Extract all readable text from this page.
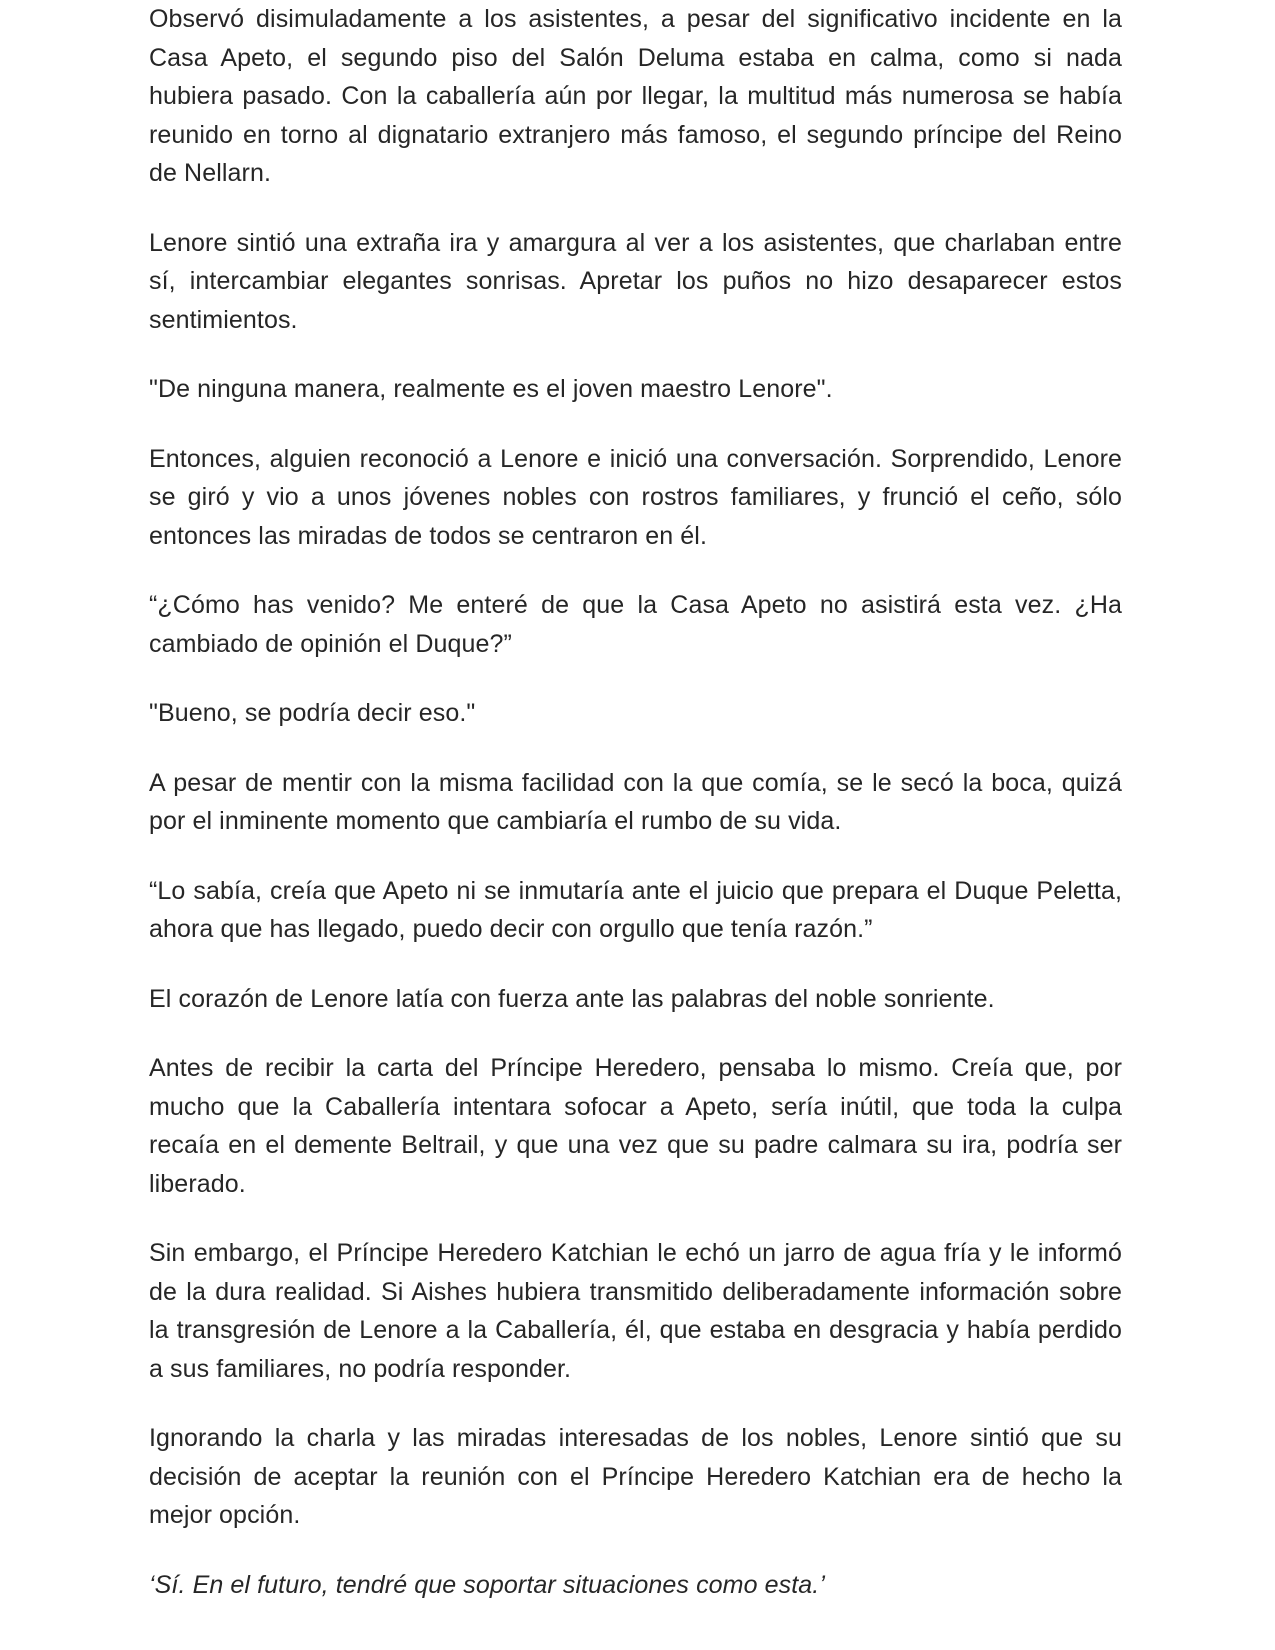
Observó disimuladamente a los asistentes, a pesar del significativo incidente en la Casa Apeto, el segundo piso del Salón Deluma estaba en calma, como si nada hubiera pasado. Con la caballería aún por llegar, la multitud más numerosa se había reunido en torno al dignatario extranjero más famoso, el segundo príncipe del Reino de Nellarn.

Lenore sintió una extraña ira y amargura al ver a los asistentes, que charlaban entre sí, intercambiar elegantes sonrisas. Apretar los puños no hizo desaparecer estos sentimientos.

"De ninguna manera, realmente es el joven maestro Lenore".

Entonces, alguien reconoció a Lenore e inició una conversación. Sorprendido, Lenore se giró y vio a unos jóvenes nobles con rostros familiares, y frunció el ceño, sólo entonces las miradas de todos se centraron en él.

“¿Cómo has venido? Me enteré de que la Casa Apeto no asistirá esta vez. ¿Ha cambiado de opinión el Duque?”

"Bueno, se podría decir eso."

A pesar de mentir con la misma facilidad con la que comía, se le secó la boca, quizá por el inminente momento que cambiaría el rumbo de su vida.

“Lo sabía, creía que Apeto ni se inmutaría ante el juicio que prepara el Duque Peletta, ahora que has llegado, puedo decir con orgullo que tenía razón.”

El corazón de Lenore latía con fuerza ante las palabras del noble sonriente.

Antes de recibir la carta del Príncipe Heredero, pensaba lo mismo. Creía que, por mucho que la Caballería intentara sofocar a Apeto, sería inútil, que toda la culpa recaía en el demente Beltrail, y que una vez que su padre calmara su ira, podría ser liberado.

Sin embargo, el Príncipe Heredero Katchian le echó un jarro de agua fría y le informó de la dura realidad. Si Aishes hubiera transmitido deliberadamente información sobre la transgresión de Lenore a la Caballería, él, que estaba en desgracia y había perdido a sus familiares, no podría responder.

Ignorando la charla y las miradas interesadas de los nobles, Lenore sintió que su decisión de aceptar la reunión con el Príncipe Heredero Katchian era de hecho la mejor opción.

‘Sí. En el futuro, tendré que soportar situaciones como esta.’
